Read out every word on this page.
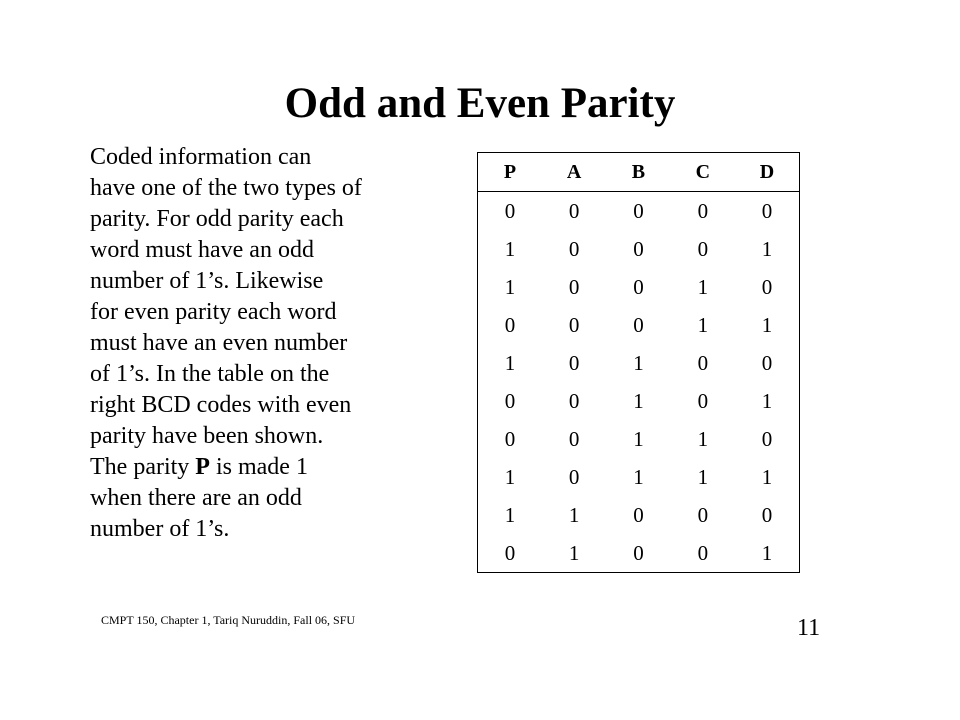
Odd and Even Parity
Coded information can
have one of the two types of
parity. For odd parity each
word must have an odd
number of 1’s. Likewise
for even parity each word
must have an even number
of 1’s. In the table on the
right BCD codes with even
parity have been shown.
The parity P is made 1
when there are an odd
number of 1’s.
P	A	B	C	D
0	0	0	0	0
1	0	0	0	1
1	0	0	1	0
0	0	0	1	1
1	0	1	0	0
0	0	1	0	1
0	0	1	1	0
1	0	1	1	1
1	1	0	0	0
0	1	0	0	1
CMPT 150, Chapter 1, Tariq Nuruddin, Fall 06, SFU	11
